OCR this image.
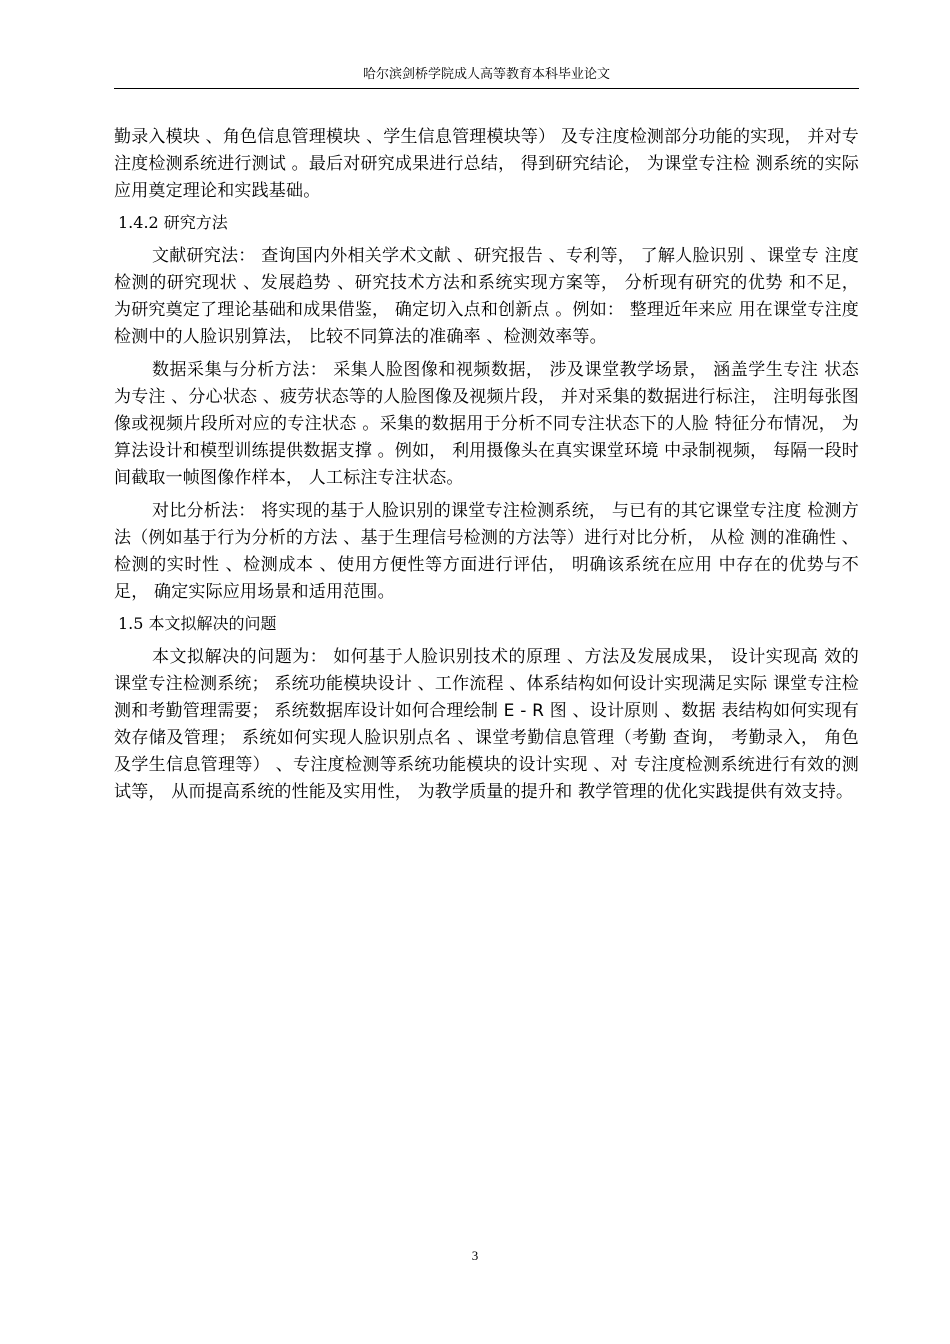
哈尔滨剑桥学院成人高等教育本科毕业论文

勤录入模块 、角色信息管理模块 、学生信息管理模块等） 及专注度检测部分功能的实现， 并对专注度检测系统进行测试 。最后对研究成果进行总结， 得到研究结论， 为课堂专注检 测系统的实际应用奠定理论和实践基础。

1.4.2 研究方法

文献研究法： 查询国内外相关学术文献 、研究报告 、专利等， 了解人脸识别 、课堂专 注度检测的研究现状 、发展趋势 、研究技术方法和系统实现方案等， 分析现有研究的优势 和不足， 为研究奠定了理论基础和成果借鉴， 确定切入点和创新点 。例如： 整理近年来应 用在课堂专注度检测中的人脸识别算法， 比较不同算法的准确率 、检测效率等。

数据采集与分析方法： 采集人脸图像和视频数据， 涉及课堂教学场景， 涵盖学生专注 状态为专注 、分心状态 、疲劳状态等的人脸图像及视频片段， 并对采集的数据进行标注， 注明每张图像或视频片段所对应的专注状态 。采集的数据用于分析不同专注状态下的人脸 特征分布情况， 为算法设计和模型训练提供数据支撑 。例如， 利用摄像头在真实课堂环境 中录制视频， 每隔一段时间截取一帧图像作样本， 人工标注专注状态。

对比分析法： 将实现的基于人脸识别的课堂专注检测系统， 与已有的其它课堂专注度 检测方法（例如基于行为分析的方法 、基于生理信号检测的方法等）进行对比分析， 从检 测的准确性 、检测的实时性 、检测成本 、使用方便性等方面进行评估， 明确该系统在应用 中存在的优势与不足， 确定实际应用场景和适用范围。

1.5 本文拟解决的问题

本文拟解决的问题为： 如何基于人脸识别技术的原理 、方法及发展成果， 设计实现高 效的课堂专注检测系统； 系统功能模块设计 、工作流程 、体系结构如何设计实现满足实际 课堂专注检测和考勤管理需要； 系统数据库设计如何合理绘制 E - R 图 、设计原则 、数据 表结构如何实现有效存储及管理； 系统如何实现人脸识别点名 、课堂考勤信息管理（考勤 查询， 考勤录入， 角色及学生信息管理等） 、专注度检测等系统功能模块的设计实现 、对 专注度检测系统进行有效的测试等， 从而提高系统的性能及实用性， 为教学质量的提升和 教学管理的优化实践提供有效支持。

3
